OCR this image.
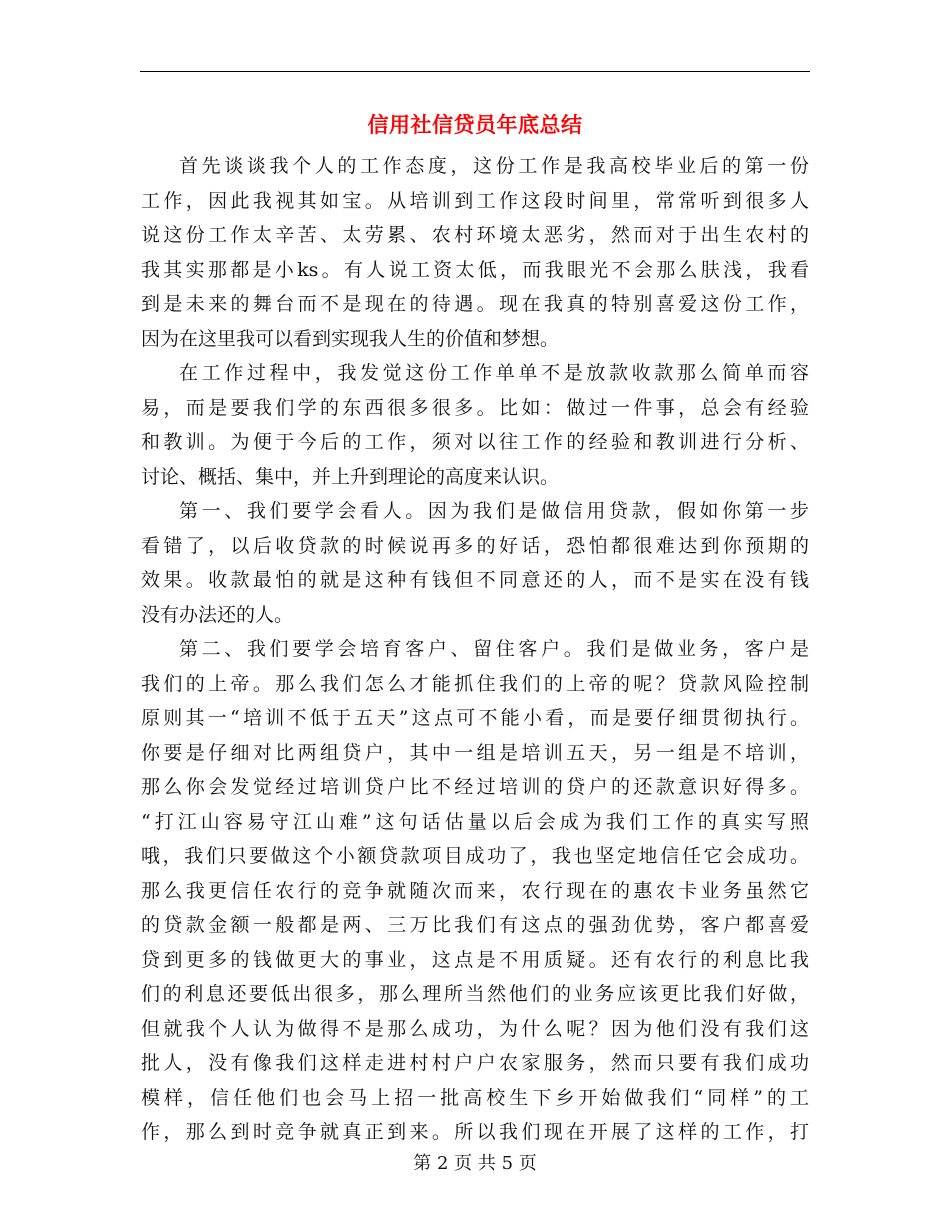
信用社信贷员年底总结
首先谈谈我个人的工作态度，这份工作是我高校毕业后的第一份
工作，因此我视其如宝。从培训到工作这段时间里，常常听到很多人
说这份工作太辛苦、太劳累、农村环境太恶劣，然而对于出生农村的
我其实那都是小ks。有人说工资太低，而我眼光不会那么肤浅，我看
到是未来的舞台而不是现在的待遇。现在我真的特别喜爱这份工作，
因为在这里我可以看到实现我人生的价值和梦想。
在工作过程中，我发觉这份工作单单不是放款收款那么简单而容
易，而是要我们学的东西很多很多。比如：做过一件事，总会有经验
和教训。为便于今后的工作，须对以往工作的经验和教训进行分析、
讨论、概括、集中，并上升到理论的高度来认识。
第一、我们要学会看人。因为我们是做信用贷款，假如你第一步
看错了，以后收贷款的时候说再多的好话，恐怕都很难达到你预期的
效果。收款最怕的就是这种有钱但不同意还的人，而不是实在没有钱
没有办法还的人。
第二、我们要学会培育客户、留住客户。我们是做业务，客户是
我们的上帝。那么我们怎么才能抓住我们的上帝的呢？贷款风险控制
原则其一“培训不低于五天”这点可不能小看，而是要仔细贯彻执行。
你要是仔细对比两组贷户，其中一组是培训五天，另一组是不培训，
那么你会发觉经过培训贷户比不经过培训的贷户的还款意识好得多。
“打江山容易守江山难”这句话估量以后会成为我们工作的真实写照
哦，我们只要做这个小额贷款项目成功了，我也坚定地信任它会成功。
那么我更信任农行的竞争就随次而来，农行现在的惠农卡业务虽然它
的贷款金额一般都是两、三万比我们有这点的强劲优势，客户都喜爱
贷到更多的钱做更大的事业，这点是不用质疑。还有农行的利息比我
们的利息还要低出很多，那么理所当然他们的业务应该更比我们好做，
但就我个人认为做得不是那么成功，为什么呢？因为他们没有我们这
批人，没有像我们这样走进村村户户农家服务，然而只要有我们成功
模样，信任他们也会马上招一批高校生下乡开始做我们“同样”的工
作，那么到时竞争就真正到来。所以我们现在开展了这样的工作，打
第 2 页 共 5 页
